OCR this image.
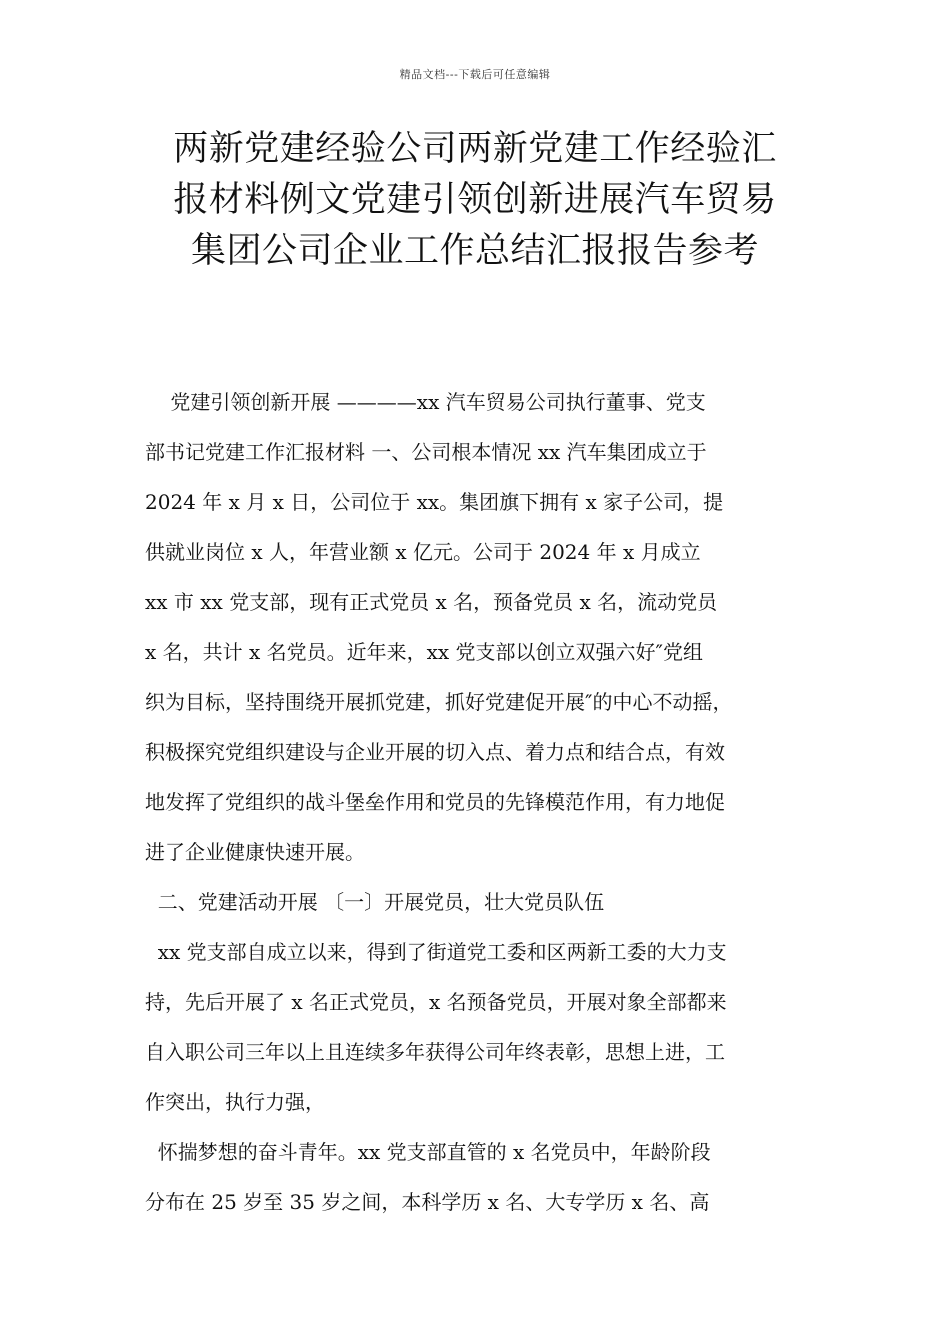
精品文档---下载后可任意编辑
两新党建经验公司两新党建工作经验汇
报材料例文党建引领创新进展汽车贸易
集团公司企业工作总结汇报报告参考
党建引领创新开展 ————xx 汽车贸易公司执行董事、党支
部书记党建工作汇报材料 一、公司根本情况 xx 汽车集团成立于
2024 年 x 月 x 日，公司位于 xx。集团旗下拥有 x 家子公司，提
供就业岗位 x 人，年营业额 x 亿元。公司于 2024 年 x 月成立
xx 市 xx 党支部，现有正式党员 x 名，预备党员 x 名，流动党员
x 名，共计 x 名党员。近年来，xx 党支部以创立双强六好″党组
织为目标，坚持围绕开展抓党建，抓好党建促开展″的中心不动摇，
积极探究党组织建设与企业开展的切入点、着力点和结合点，有效
地发挥了党组织的战斗堡垒作用和党员的先锋模范作用，有力地促
进了企业健康快速开展。
二、党建活动开展 〔一〕开展党员，壮大党员队伍
xx 党支部自成立以来，得到了街道党工委和区两新工委的大力支
持，先后开展了 x 名正式党员，x 名预备党员，开展对象全部都来
自入职公司三年以上且连续多年获得公司年终表彰，思想上进，工
作突出，执行力强，
怀揣梦想的奋斗青年。xx 党支部直管的 x 名党员中，年龄阶段
分布在 25 岁至 35 岁之间，本科学历 x 名、大专学历 x 名、高
